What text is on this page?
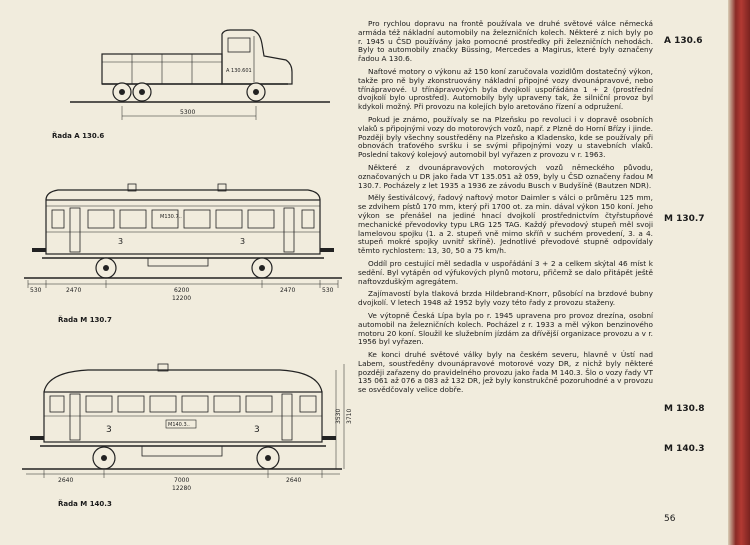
A 130.601
5300
Řada A 130.6
M130.7..
3	3
530	2470	6200
12200
2470	530
Řada M 130.7
M140.3..
3	3
3530 3710
2640	7000
12280
2640
Řada M 140.3

Pro rychlou dopravu na frontě používala ve druhé světové válce německá armáda též nákladní automobily na železničních kolech. Některé z nich byly po r. 1945 u ČSD používány jako pomocné prostředky při železničních nehodách. Byly to automobily značky Büssing, Mercedes a Magirus, které byly označeny řadou A 130.6.

Naftové motory o výkonu až 150 koní zaručovala vozidlům dostatečný výkon, takže pro ně byly zkonstruovány nákladní připojné vozy dvounápravové, nebo třínápravové. U třínápravových byla dvojkolí uspořádána 1 + 2 (prostřední dvojkolí bylo uprostřed). Automobily byly upraveny tak, že silniční provoz byl kdykoli možný. Při provozu na kolejích bylo aretováno řízení a odpružení.

Pokud je známo, používaly se na Plzeňsku po revoluci i v dopravě osobních vlaků s připojnými vozy do motorových vozů, např. z Plzně do Horní Břízy i jinde. Později byly všechny soustředěny na Plzeňsko a Kladensko, kde se používaly při obnovách traťového svršku i se svými připojnými vozy u stavebních vlaků. Poslední takový kolejový automobil byl vyřazen z provozu v r. 1963.

Některé z dvounápravových motorových vozů německého původu, označovaných u DR jako řada VT 135.051 až 059, byly u ČSD označeny řadou M 130.7. Pocházely z let 1935 a 1936 ze závodu Busch v Budyšíně (Bautzen NDR).

Měly šestiválcový, řadový naftový motor Daimler s válci o průměru 125 mm, se zdvihem pístů 170 mm, který při 1700 ot. za min. dával výkon 150 koní. Jeho výkon se přenášel na jediné hnací dvojkolí prostřednictvím čtyřstupňové mechanické převodovky typu LRG 125 TAG. Každý převodový stupeň měl svoji lamelovou spojku (1. a 2. stupeň vně mimo skříň v suchém provedení, 3. a 4. stupeň mokré spojky uvnitř skříně). Jednotlivé převodové stupně odpovídaly těmto rychlostem: 13, 30, 50 a 75 km/h.

Oddíl pro cestující měl sedadla v uspořádání 3 + 2 a celkem skýtal 46 míst k sedění. Byl vytápěn od výfukových plynů motoru, přičemž se dalo přitápět ještě naftovzduškým agregátem.

Zajímavostí byla tlaková brzda Hildebrand-Knorr, působící na brzdové bubny dvojkolí. V letech 1948 až 1952 byly vozy této řady z provozu staženy.

Ve výtopně Česká Lípa byla po r. 1945 upravena pro provoz drezína, osobní automobil na železničních kolech. Pocházel z r. 1933 a měl výkon benzinového motoru 20 koní. Sloužil ke služebním jízdám za dřívější organizace provozu a v r. 1956 byl vyřazen.

Ke konci druhé světové války byly na českém severu, hlavně v Ústí nad Labem, soustředěny dvounápravové motorové vozy DR, z nichž byly některé později zařazeny do pravidelného provozu jako řada M 140.3. Šlo o vozy řady VT 135 061 až 076 a 083 až 132 DR, jež byly konstrukčně pozoruhodné a v provozu se osvědčovaly velice dobře.

A 130.6
M 130.7
M 130.8
M 140.3
56
